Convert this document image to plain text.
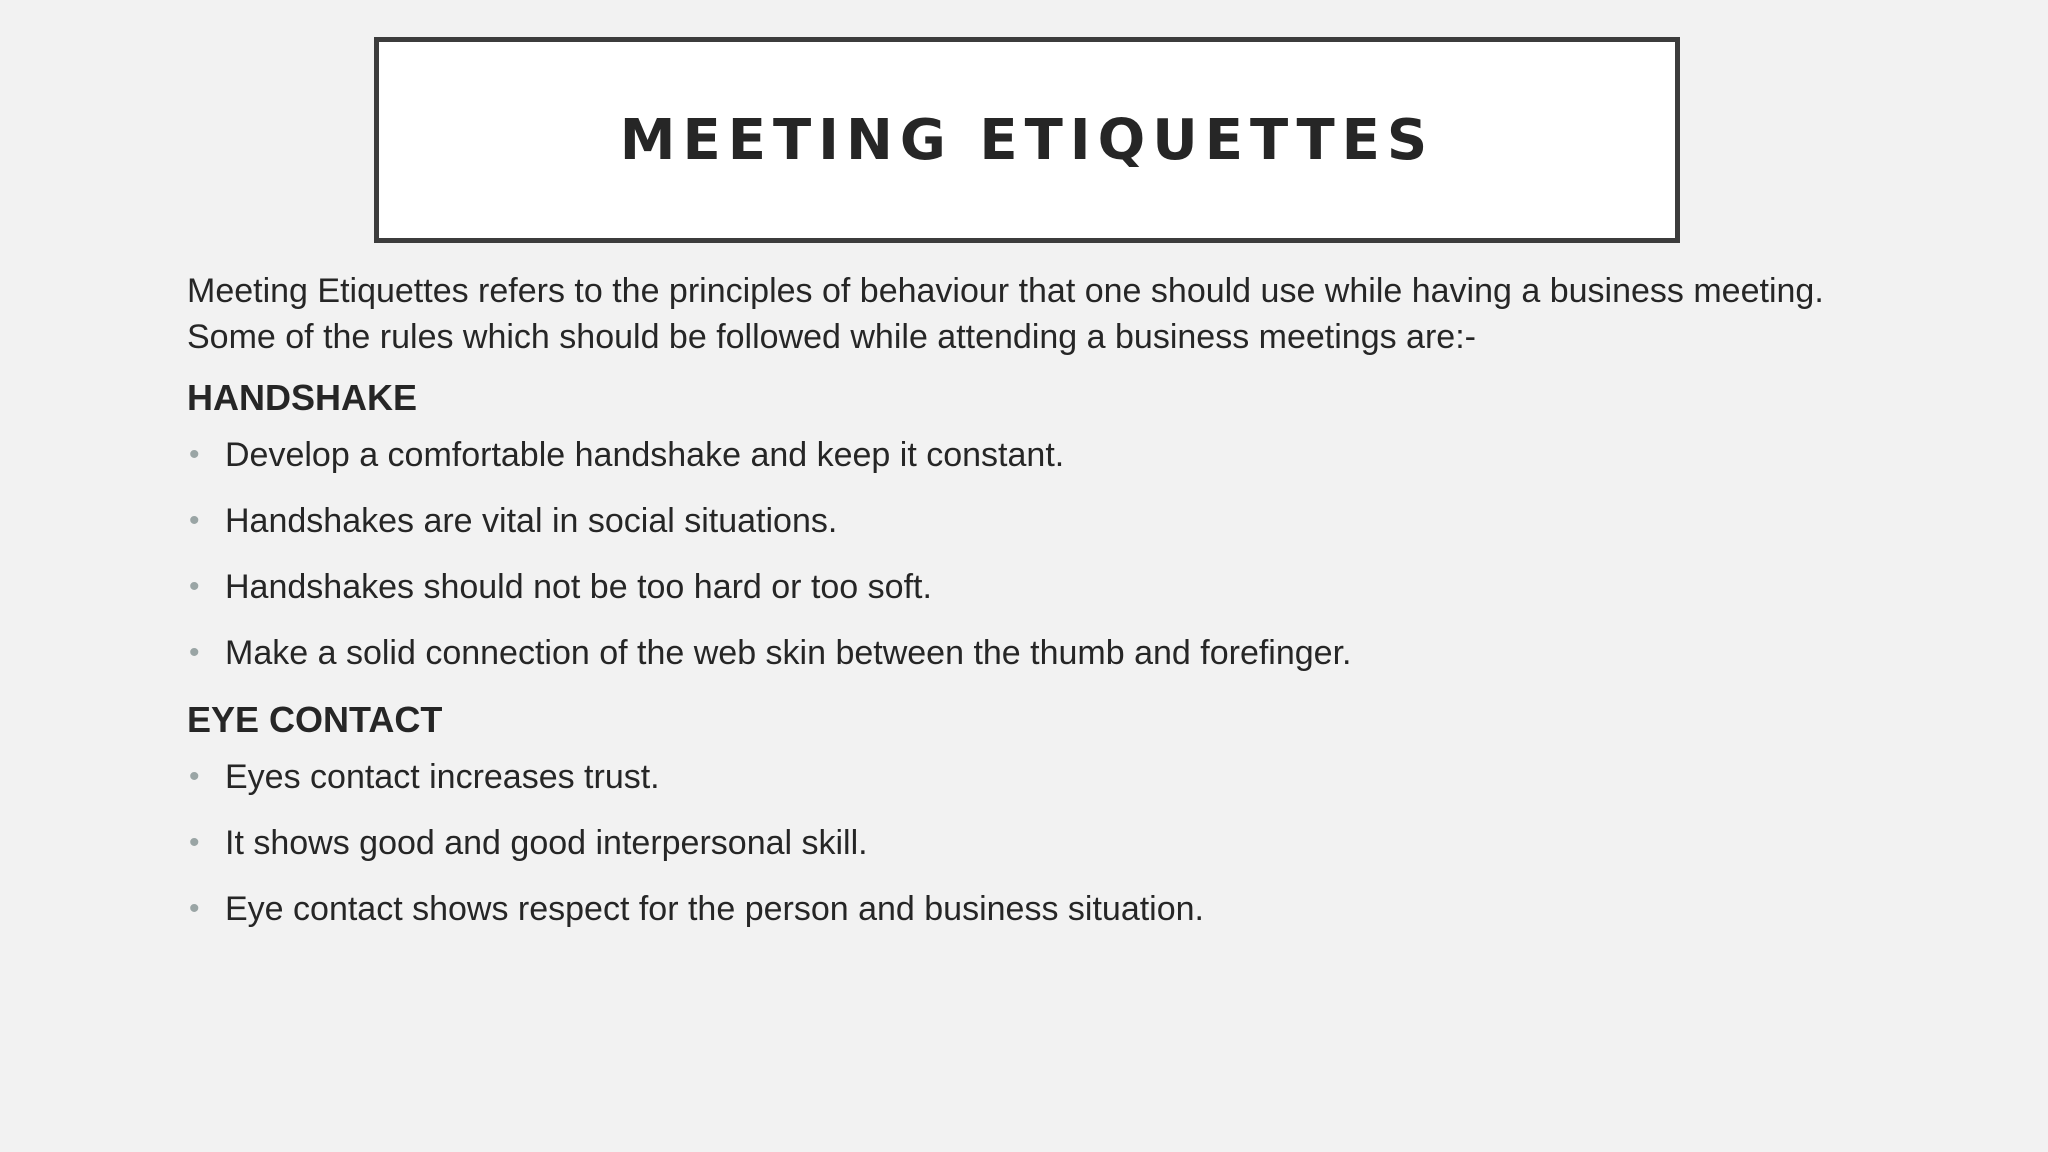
MEETING ETIQUETTES

Meeting Etiquettes refers to the principles of behaviour that one should use while having a business meeting.
Some of the rules which should be followed while attending a business meetings are:-

HANDSHAKE
• Develop a comfortable handshake and keep it constant.
• Handshakes are vital in social situations.
• Handshakes should not be too hard or too soft.
• Make a solid connection of the web skin between the thumb and forefinger.
EYE CONTACT
• Eyes contact increases trust.
• It shows good and good interpersonal skill.
• Eye contact shows respect for the person and business situation.
